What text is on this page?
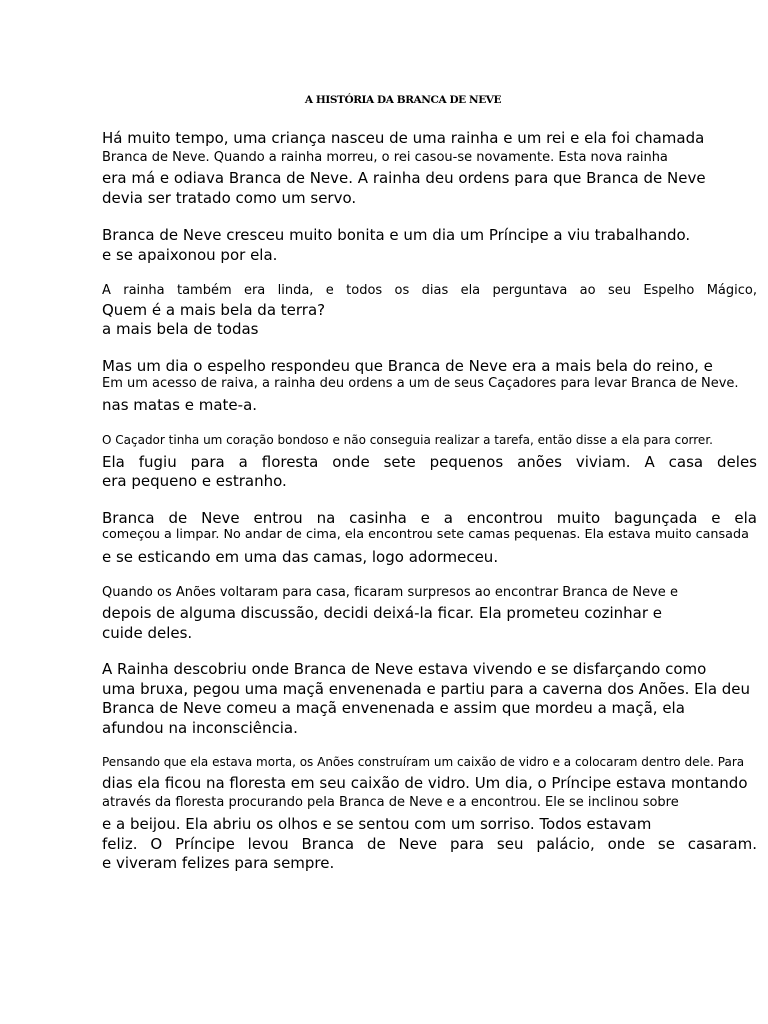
A HISTÓRIA DA BRANCA DE NEVE
Há muito tempo, uma criança nasceu de uma rainha e um rei e ela foi chamada
Branca de Neve. Quando a rainha morreu, o rei casou-se novamente. Esta nova rainha
era má e odiava Branca de Neve. A rainha deu ordens para que Branca de Neve
devia ser tratado como um servo.
Branca de Neve cresceu muito bonita e um dia um Príncipe a viu trabalhando.
e se apaixonou por ela.
A rainha também era linda, e todos os dias ela perguntava ao seu Espelho Mágico,
Quem é a mais bela da terra?
a mais bela de todas
Mas um dia o espelho respondeu que Branca de Neve era a mais bela do reino, e
Em um acesso de raiva, a rainha deu ordens a um de seus Caçadores para levar Branca de Neve.
nas matas e mate-a.
O Caçador tinha um coração bondoso e não conseguia realizar a tarefa, então disse a ela para correr.
Ela fugiu para a floresta onde sete pequenos anões viviam. A casa deles
era pequeno e estranho.
Branca de Neve entrou na casinha e a encontrou muito bagunçada e ela
começou a limpar. No andar de cima, ela encontrou sete camas pequenas. Ela estava muito cansada
e se esticando em uma das camas, logo adormeceu.
Quando os Anões voltaram para casa, ficaram surpresos ao encontrar Branca de Neve e
depois de alguma discussão, decidi deixá-la ficar. Ela prometeu cozinhar e
cuide deles.
A Rainha descobriu onde Branca de Neve estava vivendo e se disfarçando como
uma bruxa, pegou uma maçã envenenada e partiu para a caverna dos Anões. Ela deu
Branca de Neve comeu a maçã envenenada e assim que mordeu a maçã, ela
afundou na inconsciência.
Pensando que ela estava morta, os Anões construíram um caixão de vidro e a colocaram dentro dele. Para
dias ela ficou na floresta em seu caixão de vidro. Um dia, o Príncipe estava montando
através da floresta procurando pela Branca de Neve e a encontrou. Ele se inclinou sobre
e a beijou. Ela abriu os olhos e se sentou com um sorriso. Todos estavam
feliz. O Príncipe levou Branca de Neve para seu palácio, onde se casaram.
e viveram felizes para sempre.
